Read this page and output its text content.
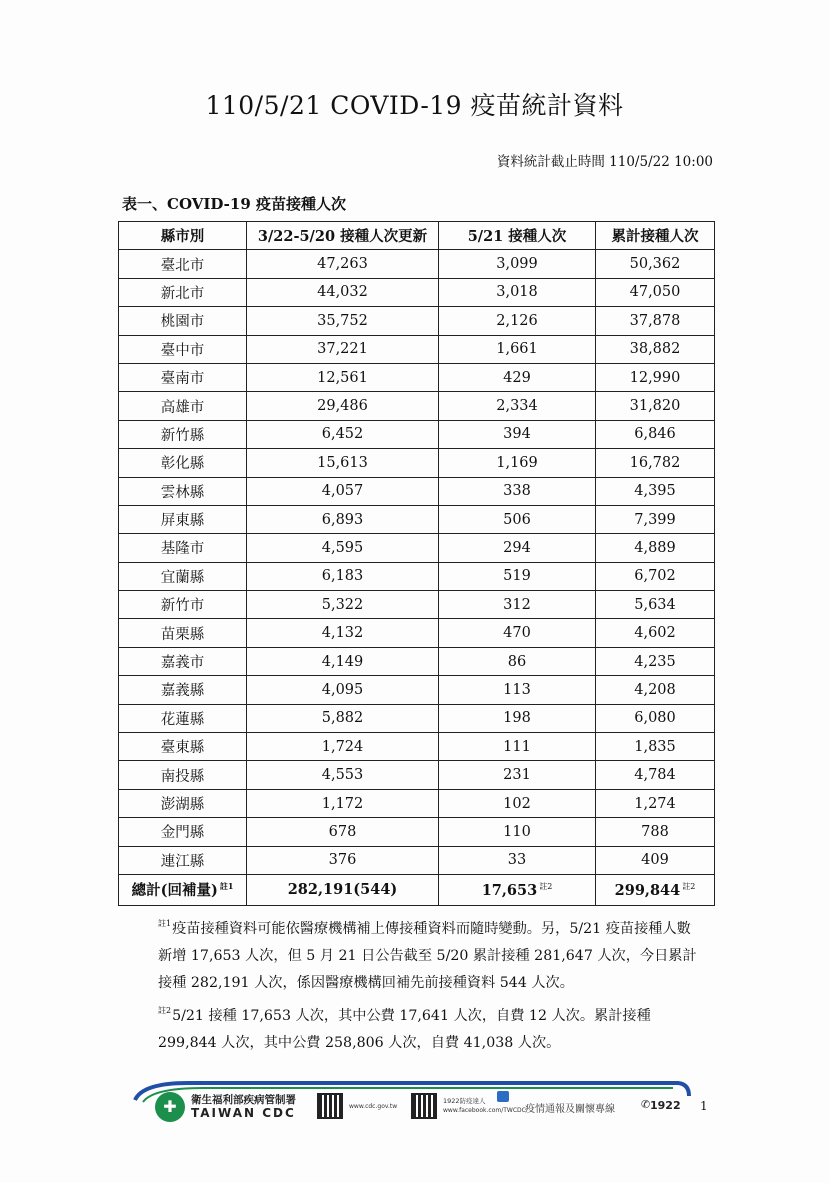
110/5/21 COVID-19 疫苗統計資料
資料統計截止時間 110/5/22 10:00
表一、COVID-19 疫苗接種人次
縣市別	3/22-5/20 接種人次更新	5/21 接種人次	累計接種人次
臺北市	47,263	3,099	50,362
新北市	44,032	3,018	47,050
桃園市	35,752	2,126	37,878
臺中市	37,221	1,661	38,882
臺南市	12,561	429	12,990
高雄市	29,486	2,334	31,820
新竹縣	6,452	394	6,846
彰化縣	15,613	1,169	16,782
雲林縣	4,057	338	4,395
屏東縣	6,893	506	7,399
基隆市	4,595	294	4,889
宜蘭縣	6,183	519	6,702
新竹市	5,322	312	5,634
苗栗縣	4,132	470	4,602
嘉義市	4,149	86	4,235
嘉義縣	4,095	113	4,208
花蓮縣	5,882	198	6,080
臺東縣	1,724	111	1,835
南投縣	4,553	231	4,784
澎湖縣	1,172	102	1,274
金門縣	678	110	788
連江縣	376	33	409
總計(回補量) $^{註1}$	282,191(544)	17,653 $^{註2}$	299,844 $^{註2}$

$^{註1}$疫苗接種資料可能依醫療機構補上傳接種資料而隨時變動。另，5/21 疫苗接種人數新增 17,653 人次，但 5 月 21 日公告截至 5/20 累計接種 281,647 人次，今日累計接種 282,191 人次，係因醫療機構回補先前接種資料 544 人次。

$^{註2}$5/21 接種 17,653 人次，其中公費 17,641 人次，自費 12 人次。累計接種 299,844 人次，其中公費 258,806 人次，自費 41,038 人次。

✚	衛生福利部疾病管制署
TAIWAN CDC	www.cdc.gov.tw
1922防疫達人
www.facebook.com/TWCDC 疫情通報及關懷專線 ✆ 1922 1
